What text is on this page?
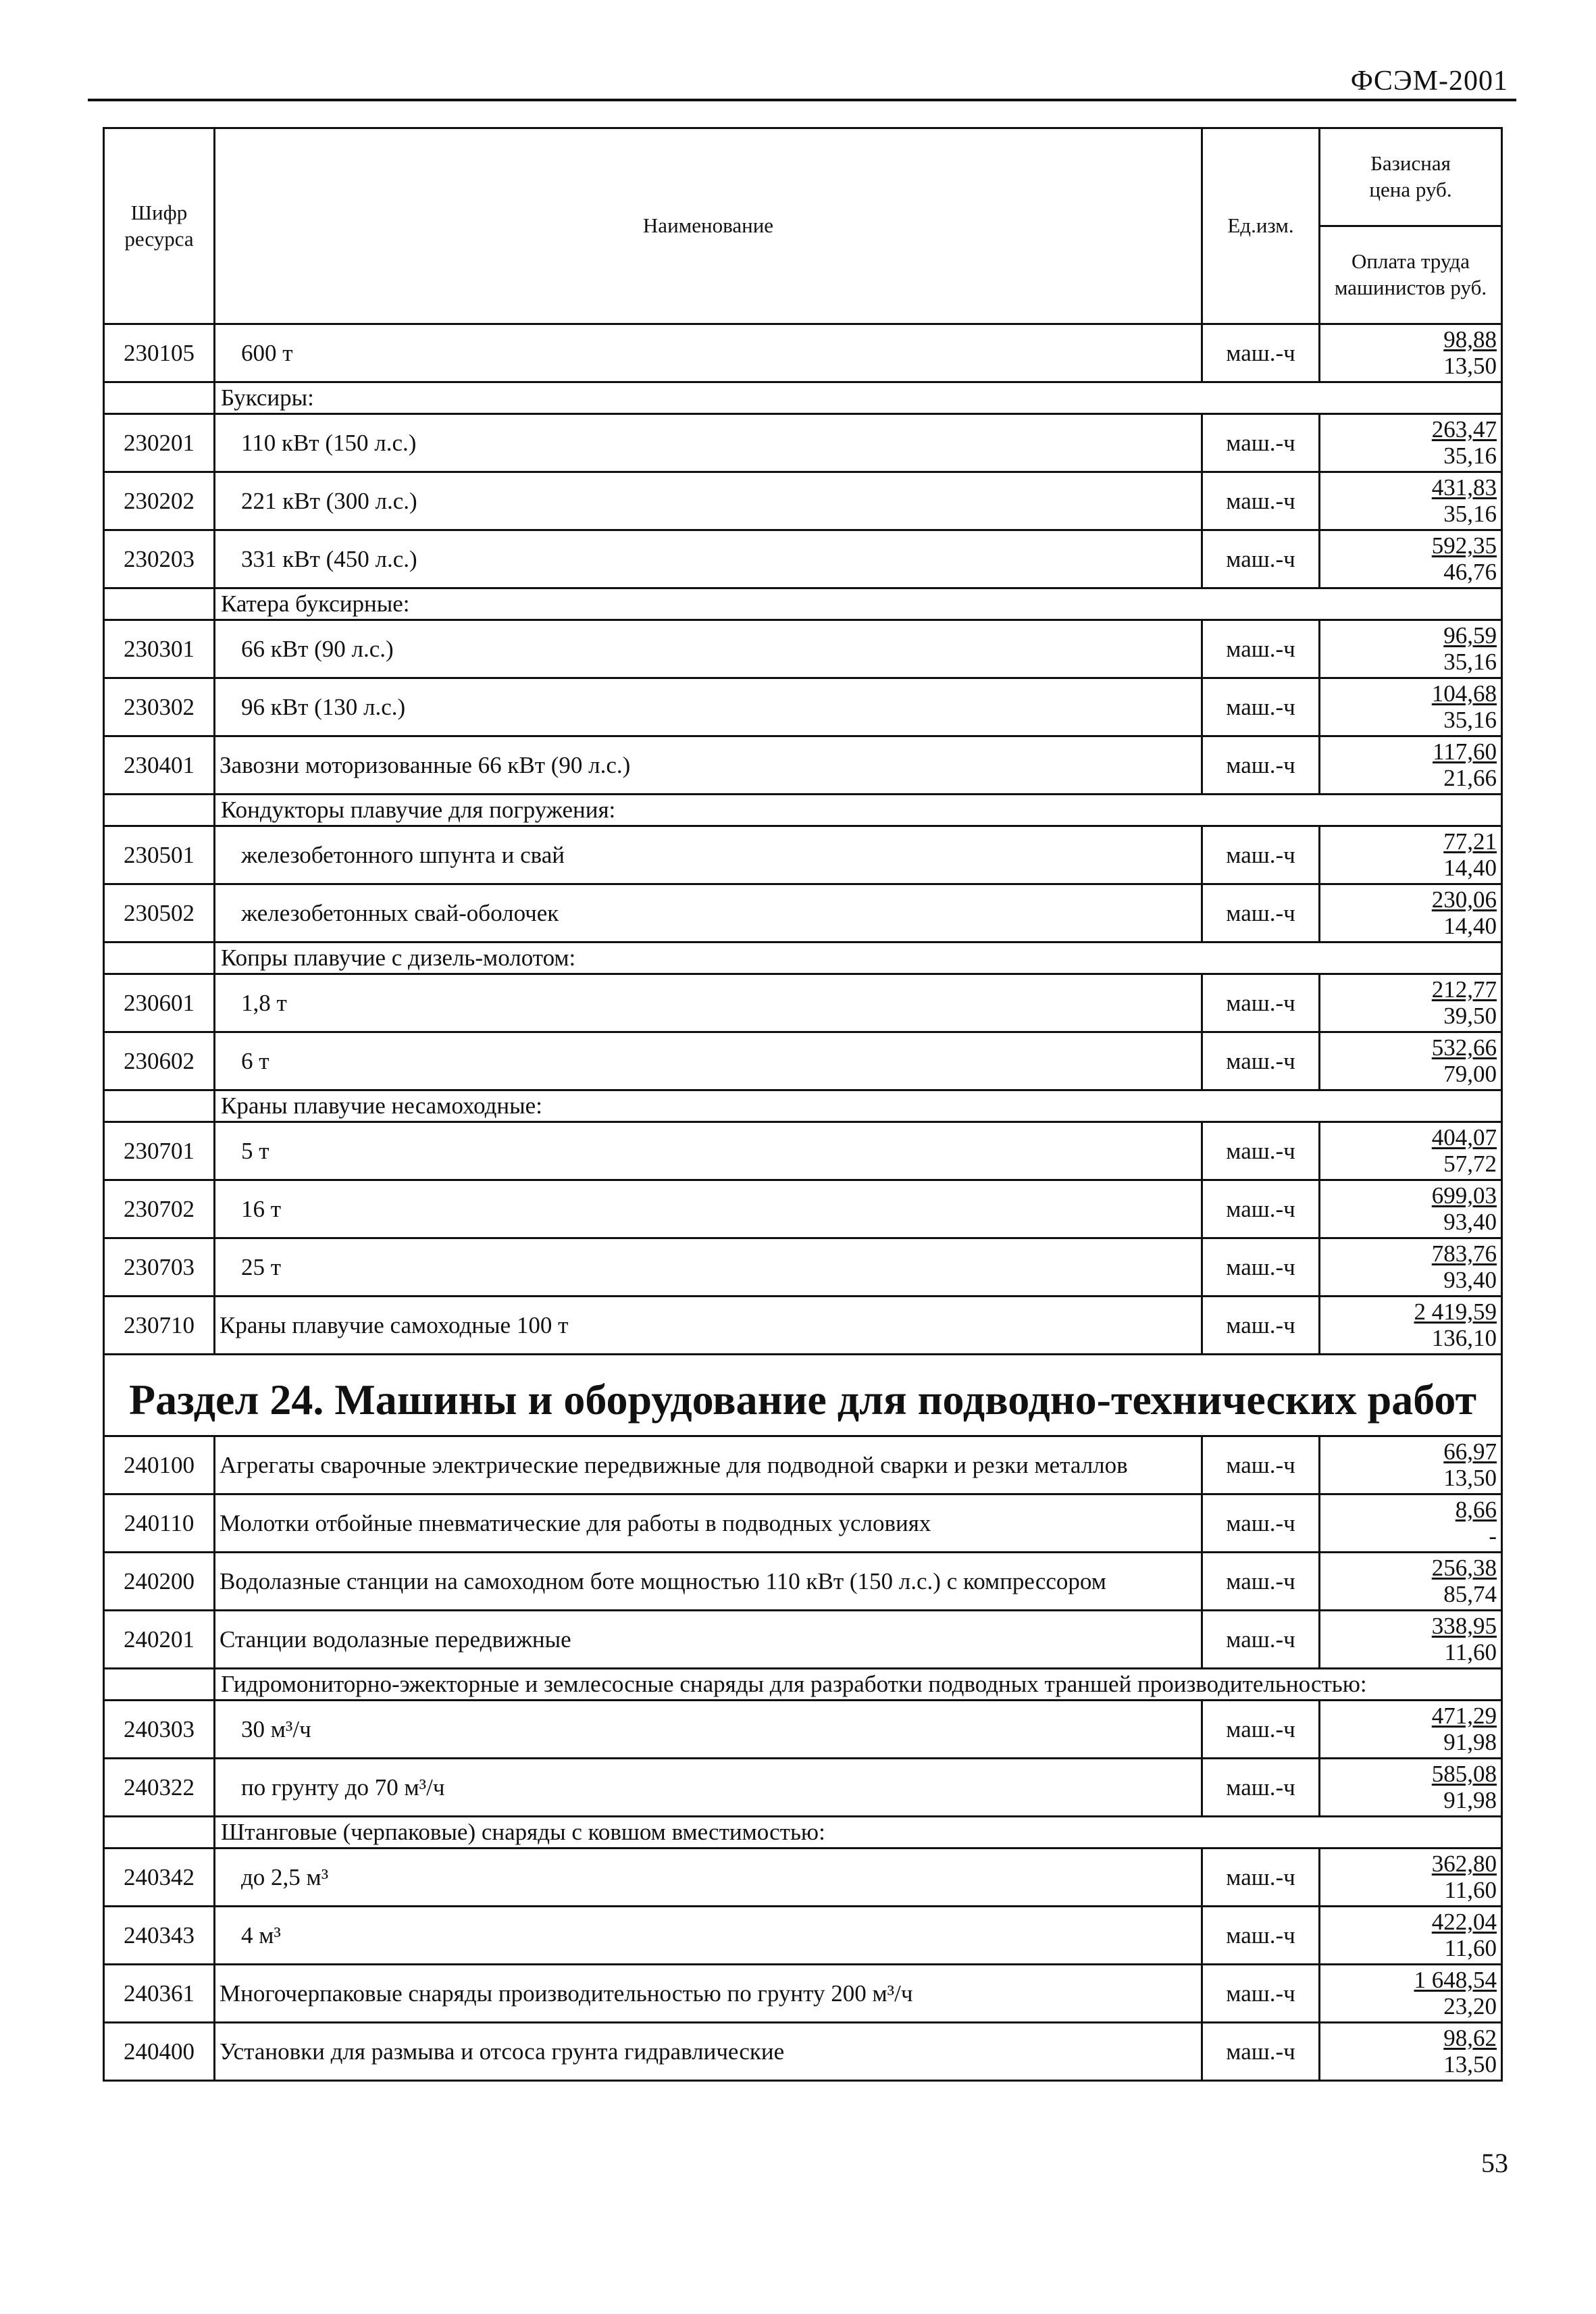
ФСЭМ-2001
Шифр ресурса	Наименование	Ед.изм.	Базисная цена руб.
			Оплата труда машинистов руб.
230105	600 т	маш.-ч	98,88
13,50

	Буксиры:		
230201	110 кВт (150 л.с.)	маш.-ч	263,47
35,16

230202	221 кВт (300 л.с.)	маш.-ч	431,83
35,16

230203	331 кВт (450 л.с.)	маш.-ч	592,35
46,76

	Катера буксирные:		
230301	66 кВт (90 л.с.)	маш.-ч	96,59
35,16

230302	96 кВт (130 л.с.)	маш.-ч	104,68
35,16

230401	Завозни моторизованные 66 кВт (90 л.с.)	маш.-ч	117,60
21,66

	Кондукторы плавучие для погружения:		
230501	железобетонного шпунта и свай	маш.-ч	77,21
14,40

230502	железобетонных свай-оболочек	маш.-ч	230,06
14,40

	Копры плавучие с дизель-молотом:		
230601	1,8 т	маш.-ч	212,77
39,50

230602	6 т	маш.-ч	532,66
79,00

	Краны плавучие несамоходные:		
230701	5 т	маш.-ч	404,07
57,72

230702	16 т	маш.-ч	699,03
93,40

230703	25 т	маш.-ч	783,76
93,40

230710	Краны плавучие самоходные 100 т	маш.-ч	2 419,59
136,10

Раздел 24. Машины и оборудование для подводно-технических работ			
240100	Агрегаты сварочные электрические передвижные для подводной сварки и резки металлов	маш.-ч	66,97
13,50

240110	Молотки отбойные пневматические для работы в подводных условиях	маш.-ч	8,66
-

240200	Водолазные станции на самоходном боте мощностью 110 кВт (150 л.с.) с компрессором	маш.-ч	256,38
85,74

240201	Станции водолазные передвижные	маш.-ч	338,95
11,60

	Гидромониторно-эжекторные и землесосные снаряды для разработки подводных траншей производительностью:		
240303	30 м³/ч	маш.-ч	471,29
91,98

240322	по грунту до 70 м³/ч	маш.-ч	585,08
91,98

	Штанговые (черпаковые) снаряды с ковшом вместимостью:		
240342	до 2,5 м³	маш.-ч	362,80
11,60

240343	4 м³	маш.-ч	422,04
11,60

240361	Многочерпаковые снаряды производительностью по грунту 200 м³/ч	маш.-ч	1 648,54
23,20

240400	Установки для размыва и отсоса грунта гидравлические	маш.-ч	98,62
13,50
53
